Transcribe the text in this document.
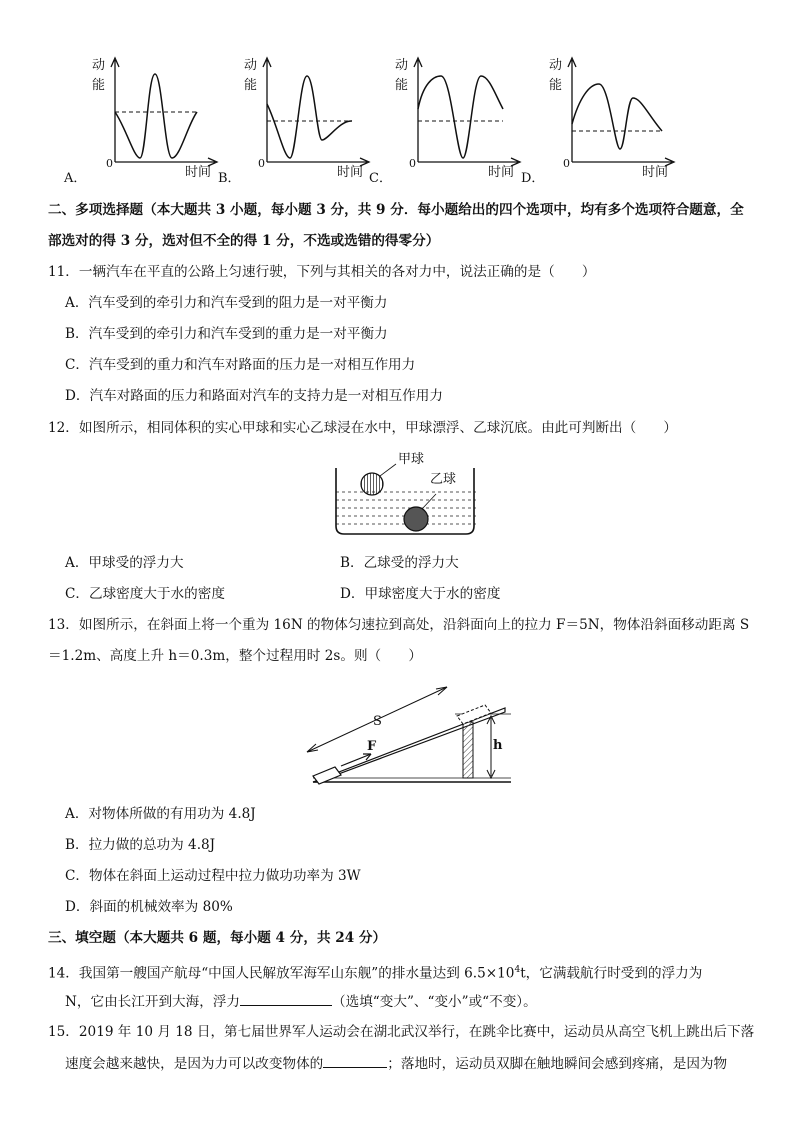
动
能
0
时间
A．
动
能
0
时间
B．
动
能
0
时间
C．
动
能
0
时间
D．
二、多项选择题（本大题共 3 小题，每小题 3 分，共 9 分．每小题给出的四个选项中，均有多个选项符合题意，全
部选对的得 3 分，选对但不全的得 1 分，不选或选错的得零分）
11．一辆汽车在平直的公路上匀速行驶，下列与其相关的各对力中，说法正确的是（　　）
A．汽车受到的牵引力和汽车受到的阻力是一对平衡力
B．汽车受到的牵引力和汽车受到的重力是一对平衡力
C．汽车受到的重力和汽车对路面的压力是一对相互作用力
D．汽车对路面的压力和路面对汽车的支持力是一对相互作用力
12．如图所示，相同体积的实心甲球和实心乙球浸在水中，甲球漂浮、乙球沉底。由此可判断出（　　）
甲球
乙球
A．甲球受的浮力大	B．乙球受的浮力大
C．乙球密度大于水的密度	D．甲球密度大于水的密度
13．如图所示，在斜面上将一个重为 16N 的物体匀速拉到高处，沿斜面向上的拉力 F＝5N，物体沿斜面移动距离 S
＝1.2m、高度上升 h＝0.3m，整个过程用时 2s。则（　　）
S
F	h
A．对物体所做的有用功为 4.8J
B．拉力做的总功为 4.8J
C．物体在斜面上运动过程中拉力做功功率为 3W
D．斜面的机械效率为 80%
三、填空题（本大题共 6 题，每小题 4 分，共 24 分）
14．我国第一艘国产航母“中国人民解放军海军山东舰”的排水量达到 $6.5\times 10^4t$，它满载航行时受到的浮力为
N，它由长江开到大海，浮力	（选填“变大”、“变小”或“不变）。
15．2019 年 10 月 18 日，第七届世界军人运动会在湖北武汉举行，在跳伞比赛中，运动员从高空飞机上跳出后下落
速度会越来越快，是因为力可以改变物体的	；落地时，运动员双脚在触地瞬间会感到疼痛，是因为物
